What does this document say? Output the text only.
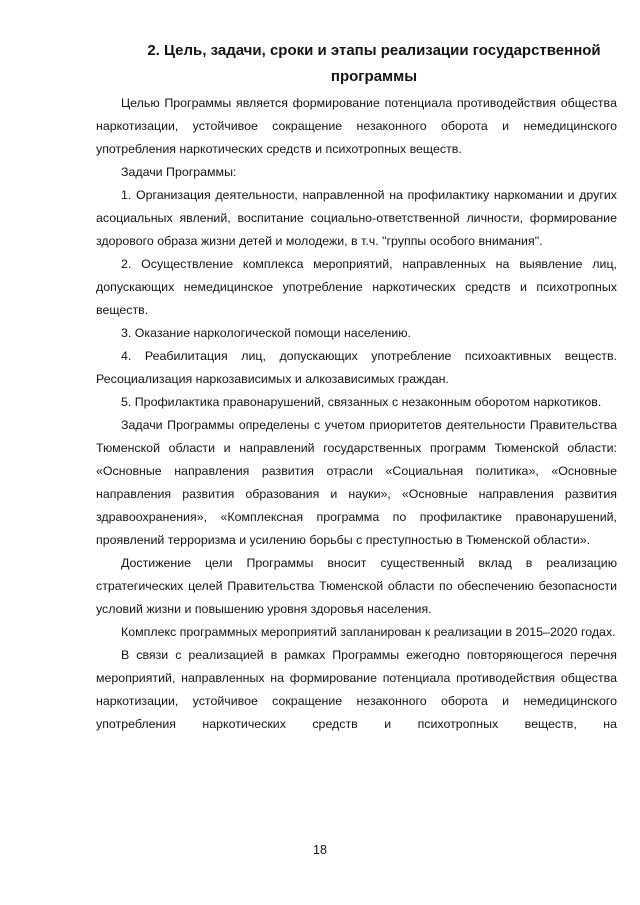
2. Цель, задачи, сроки и этапы реализации государственной
программы

Целью Программы является формирование потенциала противодействия обществa наркотизации, устойчивое сокращение незаконного оборота и немедицинского употребления наркотических средств и психотропных веществ.

Задачи Программы:

1. Организация деятельности, направленной на профилактику наркомании и других асоциальных явлений, воспитание социально-ответственной личности, формирование здорового образа жизни детей и молодежи, в т.ч. "группы особого внимания".

2. Осуществление комплекса мероприятий, направленных на выявление лиц, допускающих немедицинское употребление наркотических средств и психотропных веществ.

3. Оказание наркологической помощи населению.

4. Реабилитация лиц, допускающих употребление психоактивных веществ. Ресоциализация наркозависимых и алкозависимых граждан.

5. Профилактика правонарушений, связанных с незаконным оборотом наркотиков.

Задачи Программы определены с учетом приоритетов деятельности Правительства Тюменской области и направлений государственных программ Тюменской области: «Основные направления развития отрасли «Социальная политика», «Основные направления развития образования и науки», «Основные направления развития здравоохранения», «Комплексная программа по профилактике правонарушений, проявлений терроризма и усилению борьбы с преступностью в Тюменской области».

Достижение цели Программы вносит существенный вклад в реализацию стратегических целей Правительства Тюменской области по обеспечению безопасности условий жизни и повышению уровня здоровья населения.

Комплекс программных мероприятий запланирован к реализации в 2015–2020 годах.

В связи с реализацией в рамках Программы ежегодно повторяющегося перечня мероприятий, направленных на формирование потенциала противодействия общества наркотизации, устойчивое сокращение незаконного оборота и немедицинского употребления наркотических средств и психотропных веществ, на

18
